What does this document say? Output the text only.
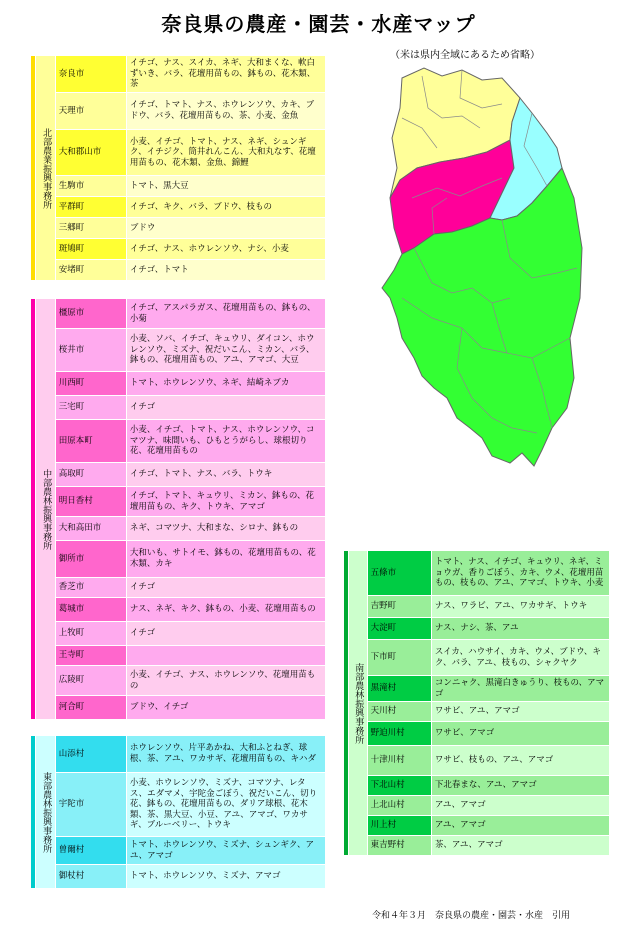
奈良県の農産・園芸・水産マップ
（米は県内全域にあるため省略）
	北部農業振興事務所	奈良市	イチゴ、ナス、スイカ、ネギ、大和まくな、軟白ずいき、バラ、花壇用苗もの、鉢もの、花木類、茶
		天理市	イチゴ、トマト、ナス、ホウレンソウ、カキ、ブドウ、バラ、花壇用苗もの、茶、小麦、金魚
		大和郡山市	小麦、イチゴ、トマト、ナス、ネギ、シュンギク、イチジク、筒井れんこん、大和丸なす、花壇用苗もの、花木類、金魚、錦鯉
		生駒市	トマト、黒大豆
		平群町	イチゴ、キク、バラ、ブドウ、枝もの
		三郷町	ブドウ
		斑鳩町	イチゴ、ナス、ホウレンソウ、ナシ、小麦
		安堵町	イチゴ、トマト
	中部農林振興事務所	橿原市	イチゴ、アスパラガス、花壇用苗もの、鉢もの、小菊
		桜井市	小麦、ソバ、イチゴ、キュウリ、ダイコン、ホウレンソウ、ミズナ、祝だいこん、ミカン、バラ、鉢もの、花壇用苗もの、アユ、アマゴ、大豆
		川西町	トマト、ホウレンソウ、ネギ、結崎ネブカ
		三宅町	イチゴ
		田原本町	小麦、イチゴ、トマト、ナス、ホウレンソウ、コマツナ、味間いも、ひもとうがらし、球根切り花、花壇用苗もの
		高取町	イチゴ、トマト、ナス、バラ、トウキ
		明日香村	イチゴ、トマト、キュウリ、ミカン、鉢もの、花壇用苗もの、キク、トウキ、アマゴ
		大和高田市	ネギ、コマツナ、大和まな、シロナ、鉢もの
		御所市	大和いも、サトイモ、鉢もの、花壇用苗もの、花木類、カキ
		香芝市	イチゴ
		葛城市	ナス、ネギ、キク、鉢もの、小麦、花壇用苗もの
		上牧町	イチゴ
		王寺町	
		広陵町	小麦、イチゴ、ナス、ホウレンソウ、花壇用苗もの
		河合町	ブドウ、イチゴ
	東部農林振興事務所	山添村	ホウレンソウ、片平あかね、大和ふとねぎ、球根、茶、アユ、ワカサギ、花壇用苗もの、キハダ
		宇陀市	小麦、ホウレンソウ、ミズナ、コマツナ、レタス、エダマメ、宇陀金ごぼう、祝だいこん、切り花、鉢もの、花壇用苗もの、ダリア球根、花木類、茶、黒大豆、小豆、アユ、アマゴ、ワカサギ、ブルーベリー、トウキ
		曽爾村	トマト、ホウレンソウ、ミズナ、シュンギク、アユ、アマゴ
		御杖村	トマト、ホウレンソウ、ミズナ、アマゴ
	南部農林振興事務所	五條市	トマト、ナス、イチゴ、キュウリ、ネギ、ミョウガ、香りごぼう、カキ、ウメ、花壇用苗もの、枝もの、アユ、アマゴ、トウキ、小麦
		吉野町	ナス、ワラビ、アユ、ワカサギ、トウキ
		大淀町	ナス、ナシ、茶、アユ
		下市町	スイカ、ハウサイ、カキ、ウメ、ブドウ、キク、バラ、アユ、枝もの、シャクヤク
		黒滝村	コンニャク、黒滝白きゅうり、枝もの、アマゴ
		天川村	ワサビ、アユ、アマゴ
		野迫川村	ワサビ、アマゴ
		十津川村	ワサビ、枝もの、アユ、アマゴ
		下北山村	下北春まな、アユ、アマゴ
		上北山村	アユ、アマゴ
		川上村	アユ、アマゴ
		東吉野村	茶、アユ、アマゴ
令和４年３月　奈良県の農産・園芸・水産　引用
